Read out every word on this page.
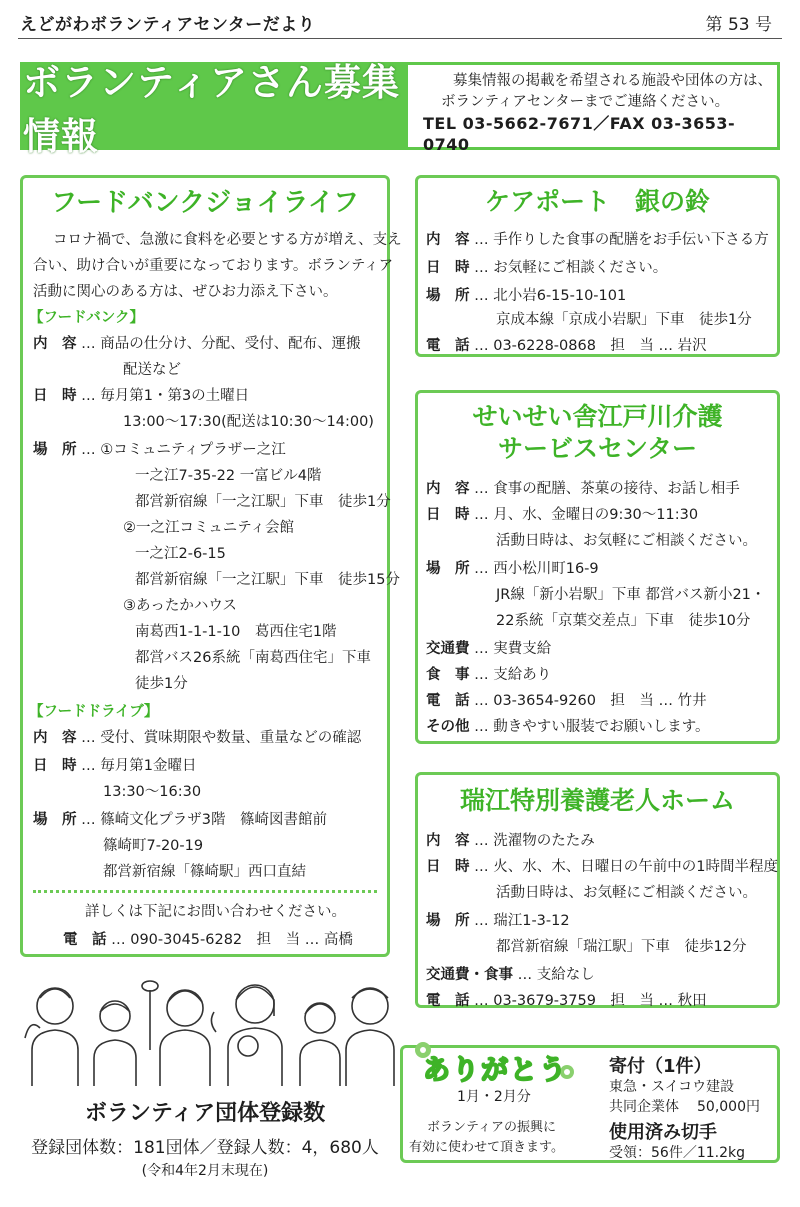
えどがわボランティアセンターだより	第 53 号
ボランティアさん募集情報
募集情報の掲載を希望される施設や団体の方は、
ボランティアセンターまでご連絡ください。
TEL 03-5662-7671／FAX 03-3653-0740
フードバンクジョイライフ
コロナ禍で、急激に食料を必要とする方が増え、支え
合い、助け合いが重要になっております。ボランティア
活動に関心のある方は、ぜひお力添え下さい。
【フードバンク】
内　容 … 商品の仕分け、分配、受付、配布、運搬
配送など
日　時 … 毎月第1・第3の土曜日
13:00～17:30(配送は10:30～14:00)
場　所 … ①コミュニティプラザー之江
一之江7-35-22 一富ビル4階
都営新宿線「一之江駅」下車　徒歩1分
②一之江コミュニティ会館
一之江2-6-15
都営新宿線「一之江駅」下車　徒歩15分
③あったかハウス
南葛西1-1-1-10　葛西住宅1階
都営バス26系統「南葛西住宅」下車
徒歩1分
【フードドライブ】
内　容 … 受付、賞味期限や数量、重量などの確認
日　時 … 毎月第1金曜日
13:30～16:30
場　所 … 篠崎文化プラザ3階　篠崎図書館前
篠崎町7-20-19
都営新宿線「篠崎駅」西口直結
詳しくは下記にお問い合わせください。
電　話 … 090-3045-6282　担　当 … 高橋
ケアポート　銀の鈴
内　容 … 手作りした食事の配膳をお手伝い下さる方
日　時 … お気軽にご相談ください。
場　所 … 北小岩6-15-10-101
京成本線「京成小岩駅」下車　徒歩1分
電　話 … 03-6228-0868　担　当 … 岩沢
せいせい舎江戸川介護
サービスセンター
内　容 … 食事の配膳、茶菓の接待、お話し相手
日　時 … 月、水、金曜日の9:30～11:30
活動日時は、お気軽にご相談ください。
場　所 … 西小松川町16-9
JR線「新小岩駅」下車 都営バス新小21・
22系統「京葉交差点」下車　徒歩10分
交通費 … 実費支給
食　事 … 支給あり
電　話 … 03-3654-9260　担　当 … 竹井
その他 … 動きやすい服装でお願いします。
瑞江特別養護老人ホーム
内　容 … 洗濯物のたたみ
日　時 … 火、水、木、日曜日の午前中の1時間半程度
活動日時は、お気軽にご相談ください。
場　所 … 瑞江1-3-12
都営新宿線「瑞江駅」下車　徒歩12分
交通費・食事 … 支給なし
電　話 … 03-3679-3759　担　当 … 秋田
ボランティア団体登録数
登録団体数：181団体／登録人数：4，680人
(令和4年2月末現在)
ありがとう
1月・2月分
ボランティアの振興に
有効に使わせて頂きます。
寄付（1件）
東急・スイコウ建設
共同企業体 50,000円
使用済み切手
受領：56件／11.2kg
